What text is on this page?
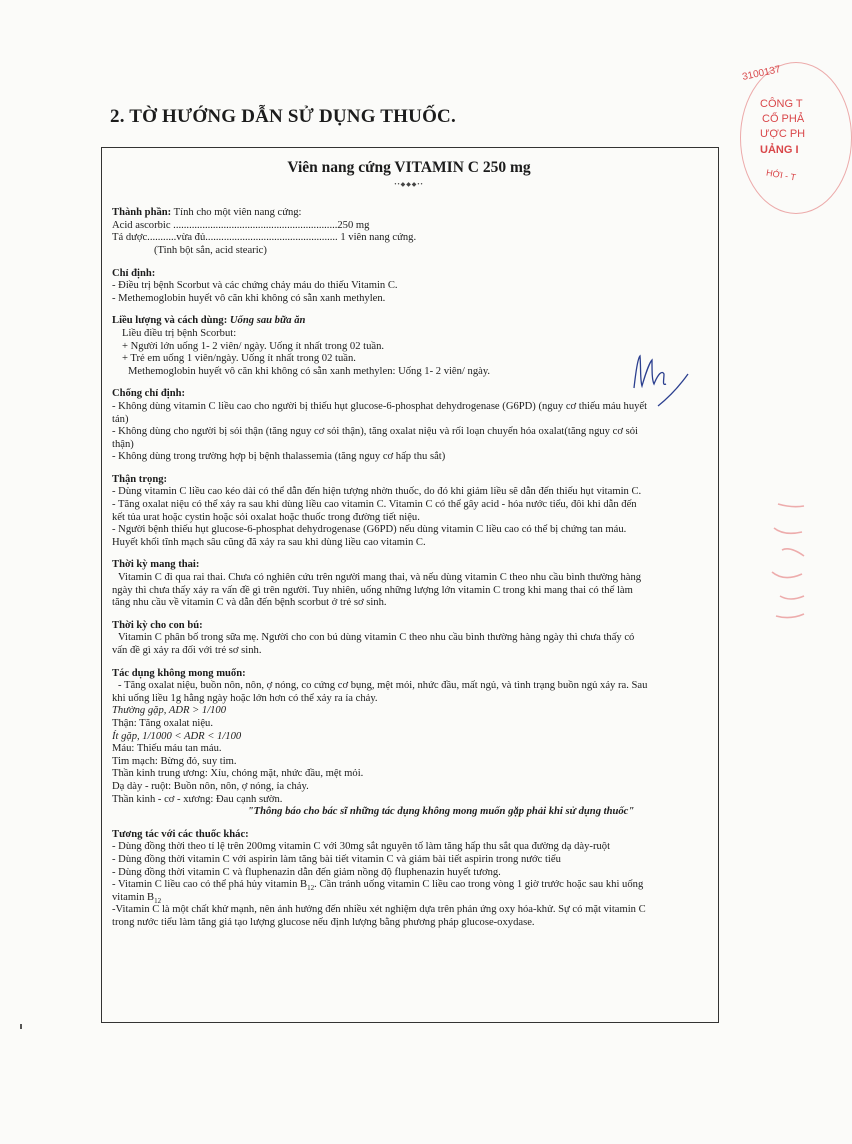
2. TỜ HƯỚNG DẪN SỬ DỤNG THUỐC.
3100137
CÔNG T
CỔ PHẢ
ƯỢC PH
UẢNG I
HỚI - T
Viên nang cứng VITAMIN C 250 mg
••◆◆◆••
Thành phần: Tính cho một viên nang cứng:
Acid ascorbic ..............................................................250 mg
Tá dược...........vừa đủ.................................................. 1 viên nang cứng.
(Tinh bột sắn, acid stearic)
Chỉ định:
- Điều trị bệnh Scorbut và các chứng chảy máu do thiếu Vitamin C.
- Methemoglobin huyết vô căn khi không có sẵn xanh methylen.
Liều lượng và cách dùng: Uống sau bữa ăn
Liều điều trị bệnh Scorbut:
+ Người lớn uống 1- 2 viên/ ngày. Uống ít nhất trong 02 tuần.
+ Trẻ em uống 1 viên/ngày. Uống ít nhất trong 02 tuần.
Methemoglobin huyết vô căn khi không có sẵn xanh methylen: Uống 1- 2 viên/ ngày.
Chống chỉ định:
- Không dùng vitamin C liều cao cho người bị thiếu hụt glucose-6-phosphat dehydrogenase (G6PD) (nguy cơ thiếu máu huyết
tán)
- Không dùng cho người bị sỏi thận (tăng nguy cơ sỏi thận), tăng oxalat niệu và rối loạn chuyển hóa oxalat(tăng nguy cơ sỏi
thận)
- Không dùng trong trường hợp bị bệnh thalassemia (tăng nguy cơ hấp thu sắt)
Thận trọng:
- Dùng vitamin C liều cao kéo dài có thể dẫn đến hiện tượng nhờn thuốc, do đó khi giảm liều sẽ dẫn đến thiếu hụt vitamin C.
- Tăng oxalat niệu có thể xảy ra sau khi dùng liều cao vitamin C. Vitamin C có thể gây acid - hóa nước tiểu, đôi khi dẫn đến
kết tủa urat hoặc cystin hoặc sỏi oxalat hoặc thuốc trong đường tiết niệu.
- Người bệnh thiếu hụt glucose-6-phosphat dehydrogenase (G6PD) nếu dùng vitamin C liều cao có thể bị chứng tan máu.
Huyết khối tĩnh mạch sâu cũng đã xảy ra sau khi dùng liều cao vitamin C.
Thời kỳ mang thai:
Vitamin C đi qua rai thai. Chưa có nghiên cứu trên người mang thai, và nếu dùng vitamin C theo nhu cầu bình thường hàng
ngày thì chưa thấy xảy ra vấn đề gì trên người. Tuy nhiên, uống những lượng lớn vitamin C trong khi mang thai có thể làm
tăng nhu cầu về vitamin C và dẫn đến bệnh scorbut ở trẻ sơ sinh.
Thời kỳ cho con bú:
Vitamin C phân bố trong sữa mẹ. Người cho con bú dùng vitamin C theo nhu cầu bình thường hàng ngày thì chưa thấy có
vấn đề gì xảy ra đối với trẻ sơ sinh.
Tác dụng không mong muốn:
- Tăng oxalat niệu, buồn nôn, nôn, ợ nóng, co cứng cơ bụng, mệt mỏi, nhức đầu, mất ngủ, và tình trạng buồn ngủ xảy ra. Sau
khi uống liều 1g hằng ngày hoặc lớn hơn có thể xảy ra ỉa chảy.
Thường gặp, ADR > 1/100
Thận: Tăng oxalat niệu.
Ít gặp, 1/1000 < ADR < 1/100
Máu: Thiếu máu tan máu.
Tim mạch: Bừng đỏ, suy tim.
Thần kinh trung ương: Xỉu, chóng mặt, nhức đầu, mệt mỏi.
Dạ dày - ruột: Buồn nôn, nôn, ợ nóng, ỉa chảy.
Thần kinh - cơ - xương: Đau cạnh sườn.
"Thông báo cho bác sĩ những tác dụng không mong muốn gặp phải khi sử dụng thuốc"
Tương tác với các thuốc khác:
- Dùng đồng thời theo tỉ lệ trên 200mg vitamin C với 30mg sắt nguyên tố làm tăng hấp thu sắt qua đường dạ dày-ruột
- Dùng đồng thời vitamin C với aspirin làm tăng bài tiết vitamin C và giảm bài tiết aspirin trong nước tiểu
- Dùng đồng thời vitamin C và fluphenazin dẫn đến giảm nồng độ fluphenazin huyết tương.
- Vitamin C liều cao có thể phá hủy vitamin $B_{12}$. Cần tránh uống vitamin C liều cao trong vòng 1 giờ trước hoặc sau khi uống
vitamin $B_{12}$
-Vitamin C là một chất khử mạnh, nên ảnh hưởng đến nhiều xét nghiệm dựa trên phản ứng oxy hóa-khử. Sự có mặt vitamin C
trong nước tiểu làm tăng giả tạo lượng glucose nếu định lượng bằng phương pháp glucose-oxydase.
